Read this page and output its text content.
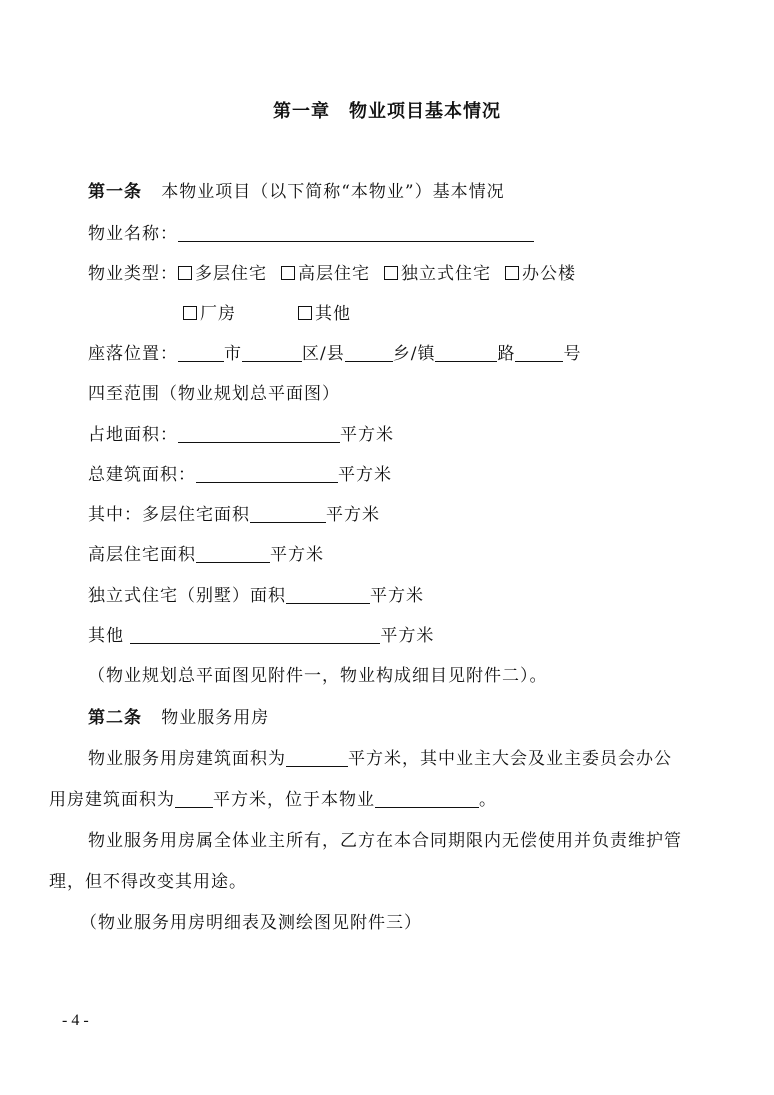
第一章　物业项目基本情况
第一条 本物业项目（以下简称“本物业”）基本情况
物业名称：
物业类型： 多层住宅 高层住宅 独立式住宅 办公楼
厂房	其他
座落位置：	市	区/县	乡/镇	路	号
四至范围（物业规划总平面图）
占地面积：	平方米
总建筑面积：	平方米
其中：多层住宅面积	平方米
高层住宅面积	平方米
独立式住宅（别墅）面积	平方米
其他	平方米
（物业规划总平面图见附件一，物业构成细目见附件二）。
第二条 物业服务用房
物业服务用房建筑面积为	平方米，其中业主大会及业主委员会办公
用房建筑面积为 平方米，位于本物业	。
物业服务用房属全体业主所有，乙方在本合同期限内无偿使用并负责维护管
理，但不得改变其用途。
（物业服务用房明细表及测绘图见附件三）
- 4 -
